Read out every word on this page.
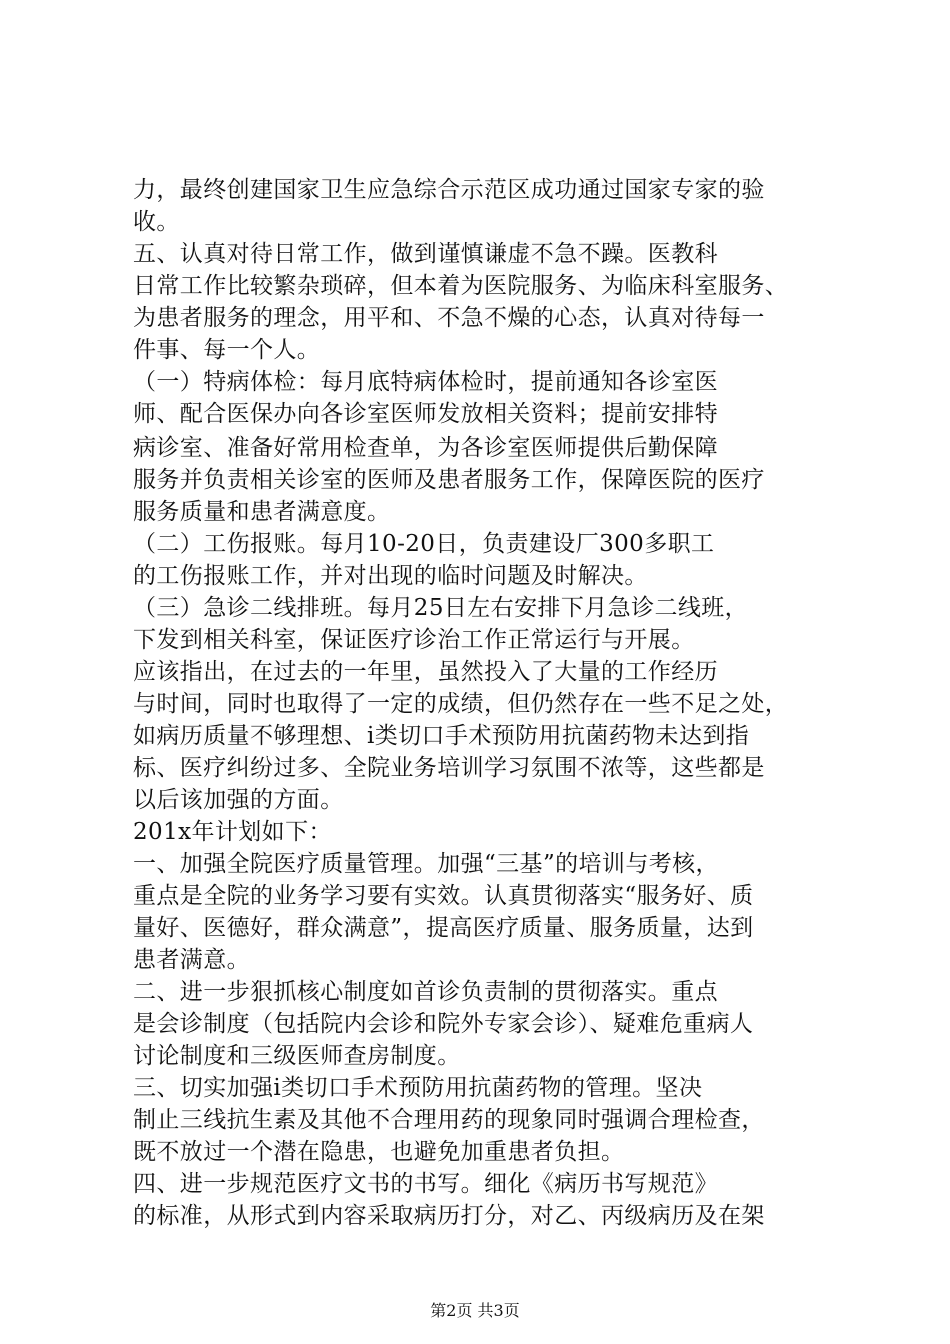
力，最终创建国家卫生应急综合示范区成功通过国家专家的验
收。
五、认真对待日常工作，做到谨慎谦虚不急不躁。医教科
日常工作比较繁杂琐碎，但本着为医院服务、为临床科室服务、
为患者服务的理念，用平和、不急不燥的心态，认真对待每一
件事、每一个人。
（一）特病体检：每月底特病体检时，提前通知各诊室医
师、配合医保办向各诊室医师发放相关资料；提前安排特
病诊室、准备好常用检查单，为各诊室医师提供后勤保障
服务并负责相关诊室的医师及患者服务工作，保障医院的医疗
服务质量和患者满意度。
（二）工伤报账。每月10-20日，负责建设厂300多职工
的工伤报账工作，并对出现的临时问题及时解决。
（三）急诊二线排班。每月25日左右安排下月急诊二线班，
下发到相关科室，保证医疗诊治工作正常运行与开展。
应该指出，在过去的一年里，虽然投入了大量的工作经历
与时间，同时也取得了一定的成绩，但仍然存在一些不足之处，
如病历质量不够理想、i类切口手术预防用抗菌药物未达到指
标、医疗纠纷过多、全院业务培训学习氛围不浓等，这些都是
以后该加强的方面。
201x年计划如下：
一、加强全院医疗质量管理。加强“三基”的培训与考核，
重点是全院的业务学习要有实效。认真贯彻落实“服务好、质
量好、医德好，群众满意”，提高医疗质量、服务质量，达到
患者满意。
二、进一步狠抓核心制度如首诊负责制的贯彻落实。重点
是会诊制度（包括院内会诊和院外专家会诊）、疑难危重病人
讨论制度和三级医师查房制度。
三、切实加强i类切口手术预防用抗菌药物的管理。坚决
制止三线抗生素及其他不合理用药的现象同时强调合理检查，
既不放过一个潜在隐患，也避免加重患者负担。
四、进一步规范医疗文书的书写。细化《病历书写规范》
的标准，从形式到内容采取病历打分，对乙、丙级病历及在架
第2页 共3页
